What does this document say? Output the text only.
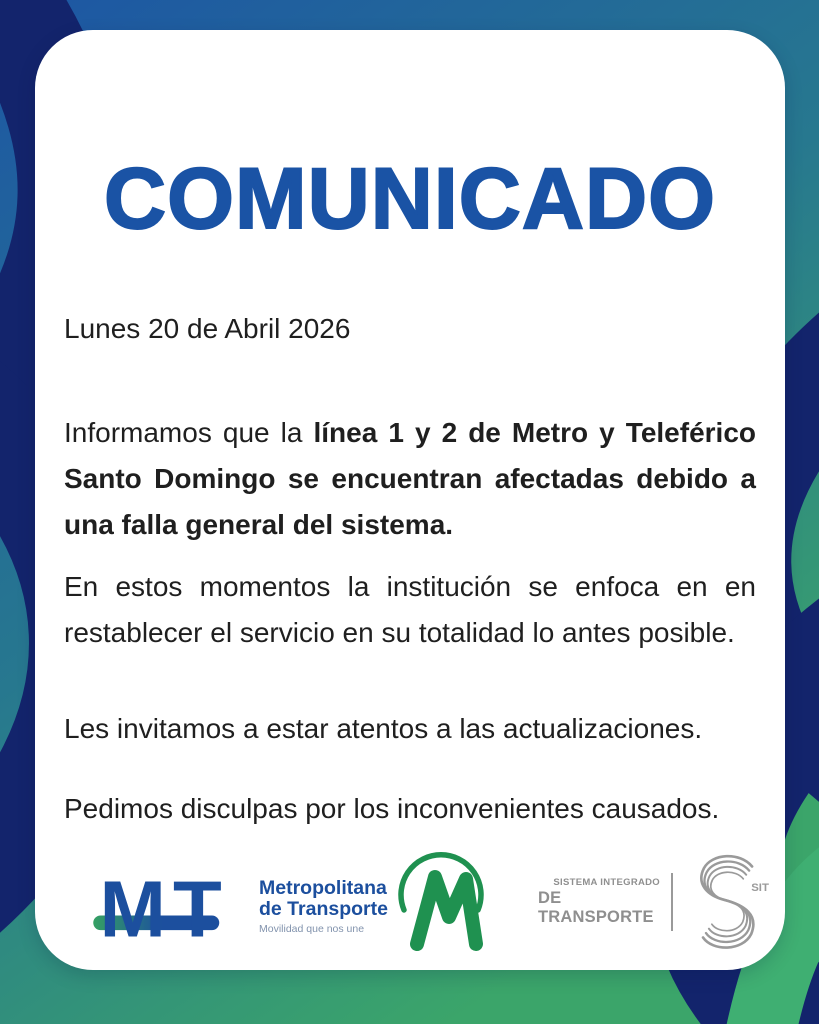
COMUNICADO
Lunes 20 de Abril 2026

Informamos que la línea 1 y 2 de Metro y Teleférico Santo Domingo se encuentran afectadas debido a una falla general del sistema.

En estos momentos la institución se enfoca en en restablecer el servicio en su totalidad lo antes posible.

Les invitamos a estar atentos a las actualizaciones.

Pedimos disculpas por los inconvenientes causados.

M T Metropolitana
de Transporte
Movilidad que nos une
SISTEMA INTEGRADO
DE TRANSPORTE
SIT
